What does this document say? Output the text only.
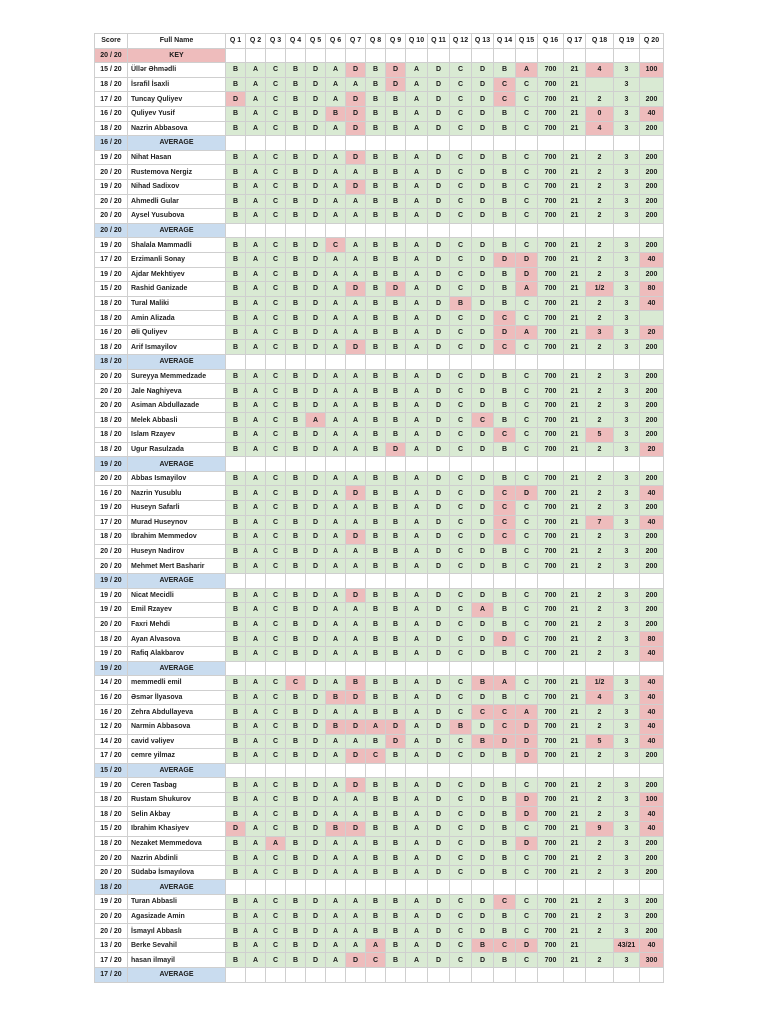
Score	Full Name	Q 1	Q 2	Q 3	Q 4	Q 5	Q 6	Q 7	Q 8	Q 9	Q 10	Q 11	Q 12	Q 13	Q 14	Q 15	Q 16	Q 17	Q 18	Q 19	Q 20
20 / 20	KEY																				
15 / 20	Üllər Əhmədli	B	A	C	B	D	A	D	B	D	A	D	C	D	B	A	700	21	4	3	100
18 / 20	İsrafil İsaxli	B	A	C	B	D	A	A	B	D	A	D	C	D	C	C	700	21		3	
17 / 20	Tuncay Quliyev	D	A	C	B	D	A	D	B	B	A	D	C	D	C	C	700	21	2	3	200
16 / 20	Quliyev Yusif	B	A	C	B	D	B	D	B	B	A	D	C	D	B	C	700	21	0	3	40
18 / 20	Nazrin Abbasova	B	A	C	B	D	A	D	B	B	A	D	C	D	B	C	700	21	4	3	200
16 / 20	AVERAGE																				
19 / 20	Nihat Hasan	B	A	C	B	D	A	D	B	B	A	D	C	D	B	C	700	21	2	3	200
20 / 20	Rustemova Nergiz	B	A	C	B	D	A	A	B	B	A	D	C	D	B	C	700	21	2	3	200
19 / 20	Nihad Sadixov	B	A	C	B	D	A	D	B	B	A	D	C	D	B	C	700	21	2	3	200
20 / 20	Ahmedli Gular	B	A	C	B	D	A	A	B	B	A	D	C	D	B	C	700	21	2	3	200
20 / 20	Aysel Yusubova	B	A	C	B	D	A	A	B	B	A	D	C	D	B	C	700	21	2	3	200
20 / 20	AVERAGE																				
19 / 20	Shalala Mammadli	B	A	C	B	D	C	A	B	B	A	D	C	D	B	C	700	21	2	3	200
17 / 20	Erzimanli Sonay	B	A	C	B	D	A	A	B	B	A	D	C	D	D	D	700	21	2	3	40
19 / 20	Ajdar Mekhtiyev	B	A	C	B	D	A	A	B	B	A	D	C	D	B	D	700	21	2	3	200
15 / 20	Rashid Ganizade	B	A	C	B	D	A	D	B	D	A	D	C	D	B	A	700	21	1/2	3	80
18 / 20	Tural Maliki	B	A	C	B	D	A	A	B	B	A	D	B	D	B	C	700	21	2	3	40
18 / 20	Amin Alizada	B	A	C	B	D	A	A	B	B	A	D	C	D	C	C	700	21	2	3	
16 / 20	Əli Quliyev	B	A	C	B	D	A	A	B	B	A	D	C	D	D	A	700	21	3	3	20
18 / 20	Arif Ismayilov	B	A	C	B	D	A	D	B	B	A	D	C	D	C	C	700	21	2	3	200
18 / 20	AVERAGE																				
20 / 20	Sureyya Memmedzade	B	A	C	B	D	A	A	B	B	A	D	C	D	B	C	700	21	2	3	200
20 / 20	Jale Naghiyeva	B	A	C	B	D	A	A	B	B	A	D	C	D	B	C	700	21	2	3	200
20 / 20	Asiman Abdullazade	B	A	C	B	D	A	A	B	B	A	D	C	D	B	C	700	21	2	3	200
18 / 20	Melek Abbasli	B	A	C	B	A	A	A	B	B	A	D	C	C	B	C	700	21	2	3	200
18 / 20	Islam Rzayev	B	A	C	B	D	A	A	B	B	A	D	C	D	C	C	700	21	5	3	200
18 / 20	Ugur Rasulzada	B	A	C	B	D	A	A	B	D	A	D	C	D	B	C	700	21	2	3	20
19 / 20	AVERAGE																				
20 / 20	Abbas Ismayilov	B	A	C	B	D	A	A	B	B	A	D	C	D	B	C	700	21	2	3	200
16 / 20	Nazrin Yusublu	B	A	C	B	D	A	D	B	B	A	D	C	D	C	D	700	21	2	3	40
19 / 20	Huseyn Safarli	B	A	C	B	D	A	A	B	B	A	D	C	D	C	C	700	21	2	3	200
17 / 20	Murad Huseynov	B	A	C	B	D	A	A	B	B	A	D	C	D	C	C	700	21	7	3	40
18 / 20	Ibrahim Memmedov	B	A	C	B	D	A	D	B	B	A	D	C	D	C	C	700	21	2	3	200
20 / 20	Huseyn Nadirov	B	A	C	B	D	A	A	B	B	A	D	C	D	B	C	700	21	2	3	200
20 / 20	Mehmet Mert Basharir	B	A	C	B	D	A	A	B	B	A	D	C	D	B	C	700	21	2	3	200
19 / 20	AVERAGE																				
19 / 20	Nicat Mecidli	B	A	C	B	D	A	D	B	B	A	D	C	D	B	C	700	21	2	3	200
19 / 20	Emil Rzayev	B	A	C	B	D	A	A	B	B	A	D	C	A	B	C	700	21	2	3	200
20 / 20	Faxri Mehdi	B	A	C	B	D	A	A	B	B	A	D	C	D	B	C	700	21	2	3	200
18 / 20	Ayan Alvasova	B	A	C	B	D	A	A	B	B	A	D	C	D	D	C	700	21	2	3	80
19 / 20	Rafiq Alakbarov	B	A	C	B	D	A	A	B	B	A	D	C	D	B	C	700	21	2	3	40
19 / 20	AVERAGE																				
14 / 20	memmedli emil	B	A	C	C	D	A	B	B	B	A	D	C	B	A	C	700	21	1/2	3	40
16 / 20	Əsmər İlyasova	B	A	C	B	D	B	D	B	B	A	D	C	D	B	C	700	21	4	3	40
16 / 20	Zehra Abdullayeva	B	A	C	B	D	A	A	B	B	A	D	C	C	C	A	700	21	2	3	40
12 / 20	Narmin Abbasova	B	A	C	B	D	B	D	A	D	A	D	B	D	C	D	700	21	2	3	40
14 / 20	cavid vəliyev	B	A	C	B	D	A	A	B	D	A	D	C	B	D	D	700	21	5	3	40
17 / 20	cemre yilmaz	B	A	C	B	D	A	D	C	B	A	D	C	D	B	D	700	21	2	3	200
15 / 20	AVERAGE																				
19 / 20	Ceren Tasbag	B	A	C	B	D	A	D	B	B	A	D	C	D	B	C	700	21	2	3	200
18 / 20	Rustam Shukurov	B	A	C	B	D	A	A	B	B	A	D	C	D	B	D	700	21	2	3	100
18 / 20	Selin Akbay	B	A	C	B	D	A	A	B	B	A	D	C	D	B	D	700	21	2	3	40
15 / 20	Ibrahim Khasiyev	D	A	C	B	D	B	D	B	B	A	D	C	D	B	C	700	21	9	3	40
18 / 20	Nezaket Memmedova	B	A	A	B	D	A	A	B	B	A	D	C	D	B	D	700	21	2	3	200
20 / 20	Nazrin Abdinli	B	A	C	B	D	A	A	B	B	A	D	C	D	B	C	700	21	2	3	200
20 / 20	Südabə İsmayılova	B	A	C	B	D	A	A	B	B	A	D	C	D	B	C	700	21	2	3	200
18 / 20	AVERAGE																				
19 / 20	Turan Abbasli	B	A	C	B	D	A	A	B	B	A	D	C	D	C	C	700	21	2	3	200
20 / 20	Agasizade Amin	B	A	C	B	D	A	A	B	B	A	D	C	D	B	C	700	21	2	3	200
20 / 20	İsmayıl Abbaslı	B	A	C	B	D	A	A	B	B	A	D	C	D	B	C	700	21	2	3	200
13 / 20	Berke Sevahil	B	A	C	B	D	A	A	A	B	A	D	C	B	C	D	700	21		43/21	40
17 / 20	hasan ilmayil	B	A	C	B	D	A	D	C	B	A	D	C	D	B	C	700	21	2	3	300
17 / 20	AVERAGE																				
